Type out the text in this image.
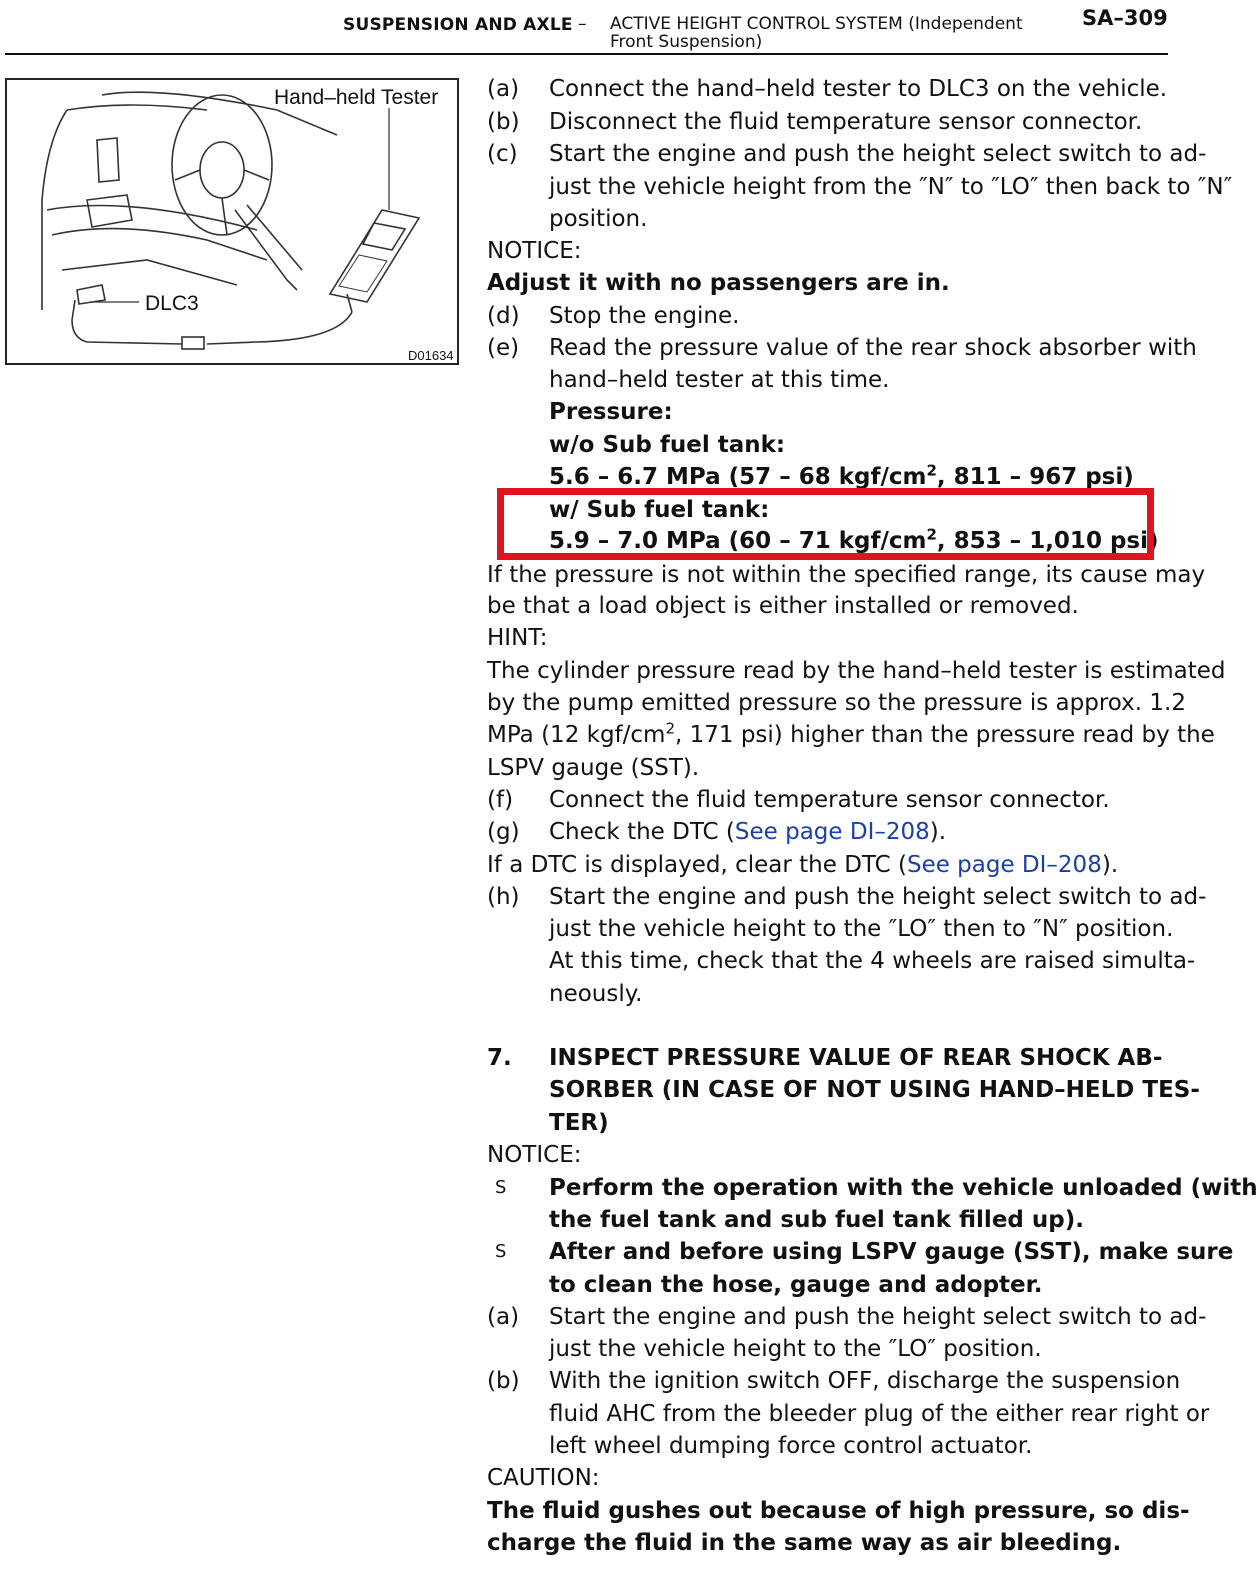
SUSPENSION AND AXLE – ACTIVE HEIGHT CONTROL SYSTEM (Independent Front Suspension)
SA–309
Hand–held Tester
DLC3
D01634
(a) Connect the hand–held tester to DLC3 on the vehicle.
(b) Disconnect the fluid temperature sensor connector.
(c) Start the engine and push the height select switch to ad-
just the vehicle height from the ″N″ to ″LO″ then back to ″N″
position.
NOTICE:
Adjust it with no passengers are in.
(d) Stop the engine.
(e) Read the pressure value of the rear shock absorber with
hand–held tester at this time.
Pressure:
w/o Sub fuel tank:
5.6 – 6.7 MPa (57 – 68 kgf/$cm^2$, 811 – 967 psi)
w/ Sub fuel tank:
5.9 – 7.0 MPa (60 – 71 kgf/$cm^2$, 853 – 1,010 psi)
If the pressure is not within the specified range, its cause may
be that a load object is either installed or removed.
HINT:
The cylinder pressure read by the hand–held tester is estimated
by the pump emitted pressure so the pressure is approx. 1.2
MPa (12 kgf/$cm^2$, 171 psi) higher than the pressure read by the
LSPV gauge (SST).
(f) Connect the fluid temperature sensor connector.
(g) Check the DTC (See page DI–208).
If a DTC is displayed, clear the DTC (See page DI–208).
(h) Start the engine and push the height select switch to ad-
just the vehicle height to the ″LO″ then to ″N″ position.
At this time, check that the 4 wheels are raised simulta-
neously.
7. INSPECT PRESSURE VALUE OF REAR SHOCK AB-
SORBER (IN CASE OF NOT USING HAND–HELD TES-
TER)
NOTICE:
S Perform the operation with the vehicle unloaded (with
the fuel tank and sub fuel tank filled up).
S After and before using LSPV gauge (SST), make sure
to clean the hose, gauge and adopter.
(a) Start the engine and push the height select switch to ad-
just the vehicle height to the ″LO″ position.
(b) With the ignition switch OFF, discharge the suspension
fluid AHC from the bleeder plug of the either rear right or
left wheel dumping force control actuator.
CAUTION:
The fluid gushes out because of high pressure, so dis-
charge the fluid in the same way as air bleeding.
